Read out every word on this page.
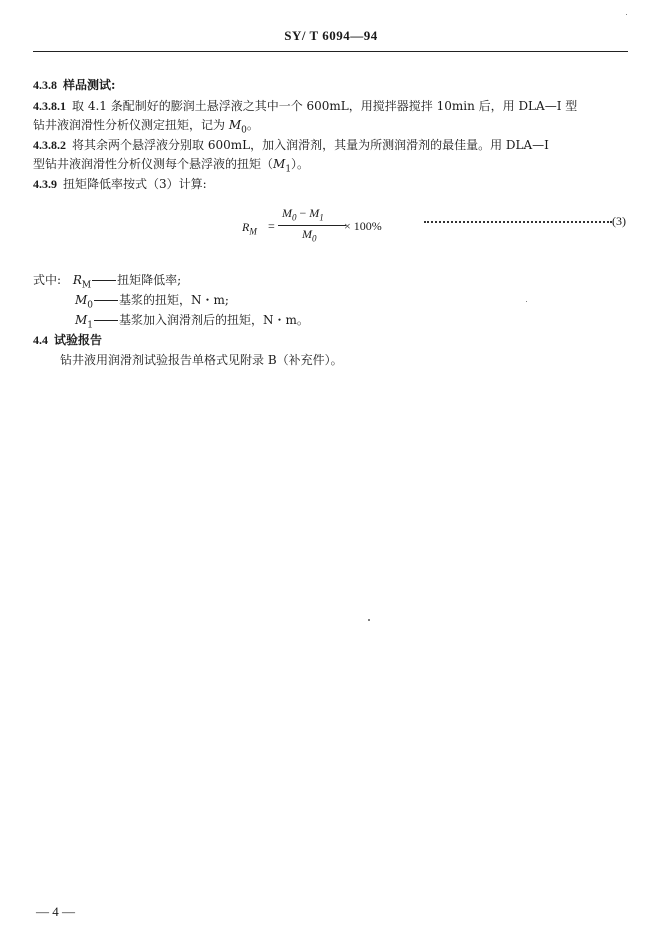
SY/ T 6094—94
4.3.8 样品测试:
4.3.8.1 取 4.1 条配制好的膨润土悬浮液之其中一个 600mL，用搅拌器搅拌 10min 后，用 DLA—Ⅰ 型
钻井液润滑性分析仪测定扭矩，记为 $M_0$。
4.3.8.2 将其余两个悬浮液分别取 600mL，加入润滑剂，其量为所测润滑剂的最佳量。用 DLA—Ⅰ
型钻井液润滑性分析仪测每个悬浮液的扭矩$(M_1)$。
4.3.9 扭矩降低率按式（3）计算:
$R_M$ =
$M_0 - M_1$
$M_0$
× 100%	(3)
式中: $R_M$ 扭矩降低率;
$M_0$ 基浆的扭矩，N・m;
$M_1$ 基浆加入润滑剂后的扭矩，N・m。
4.4 试验报告
钻井液用润滑剂试验报告单格式见附录 B（补充件）。
— 4 —
